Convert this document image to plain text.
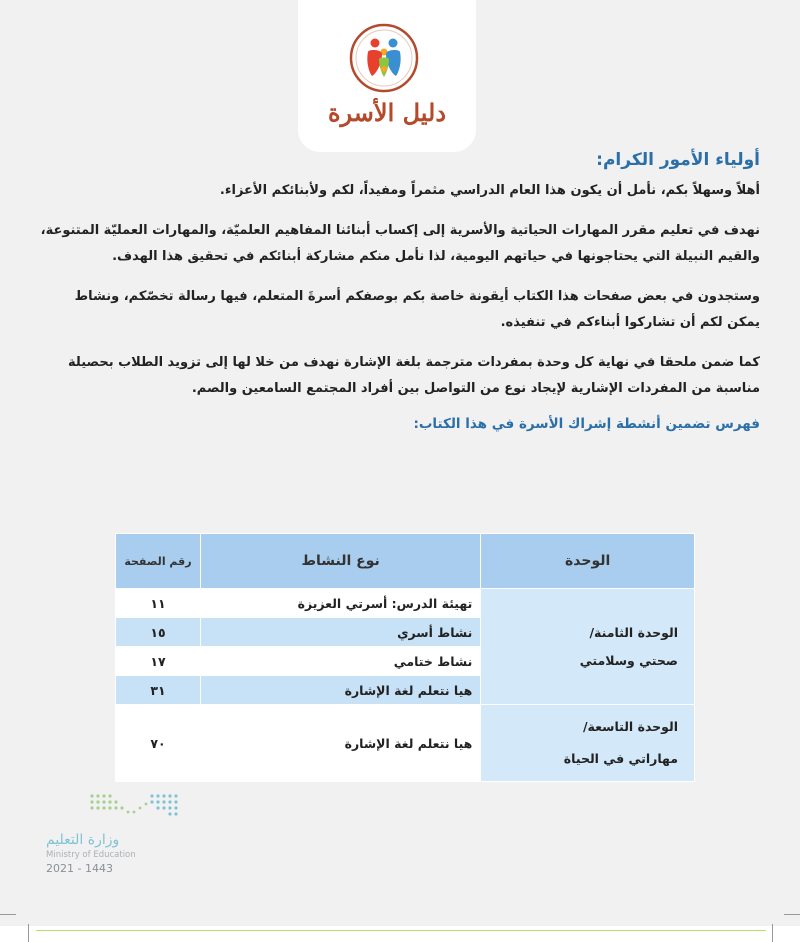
دليل الأسرة
أولياء الأمور الكرام:

أهلاً وسهلاً بكم، نأمل أن يكون هذا العام الدراسي مثمراً ومفيداً، لكم ولأبنائكم الأعزاء.

نهدف في تعليم مقرر المهارات الحياتية والأسرية إلى إكساب أبنائنا المفاهيم العلميّة، والمهارات العمليّة المتنوعة، والقيم النبيلة التي يحتاجونها في حياتهم اليومية، لذا نأمل منكم مشاركة أبنائكم في تحقيق هذا الهدف.

وستجدون في بعض صفحات هذا الكتاب أيقونة خاصة بكم بوصفكم أسرةَ المتعلم، فيها رسالة تخصّكم، ونشاط يمكن لكم أن تشاركوا أبناءكم في تنفيذه.

كما ضمن ملحقا في نهاية كل وحدة بمفردات مترجمة بلغة الإشارة نهدف من خلا لها إلى تزويد الطلاب بحصيلة مناسبة من المفردات الإشارية لإيجاد نوع من التواصل بين أفراد المجتمع السامعين والصم.

فهرس تضمين أنشطة إشراك الأسرة في هذا الكتاب:
الوحدة	نوع النشاط	رقم الصفحة

الوحدة الثامنة/
صحتي وسلامتي	تهيئة الدرس: أسرتي العزيزة	١١
	نشاط أسري	١٥
	نشاط ختامي	١٧
	هيا نتعلم لغة الإشارة	٣١

الوحدة التاسعة/
مهاراتي في الحياة	هيا نتعلم لغة الإشارة	٧٠
وزارة التعليم
Ministry of Education
2021 - 1443
